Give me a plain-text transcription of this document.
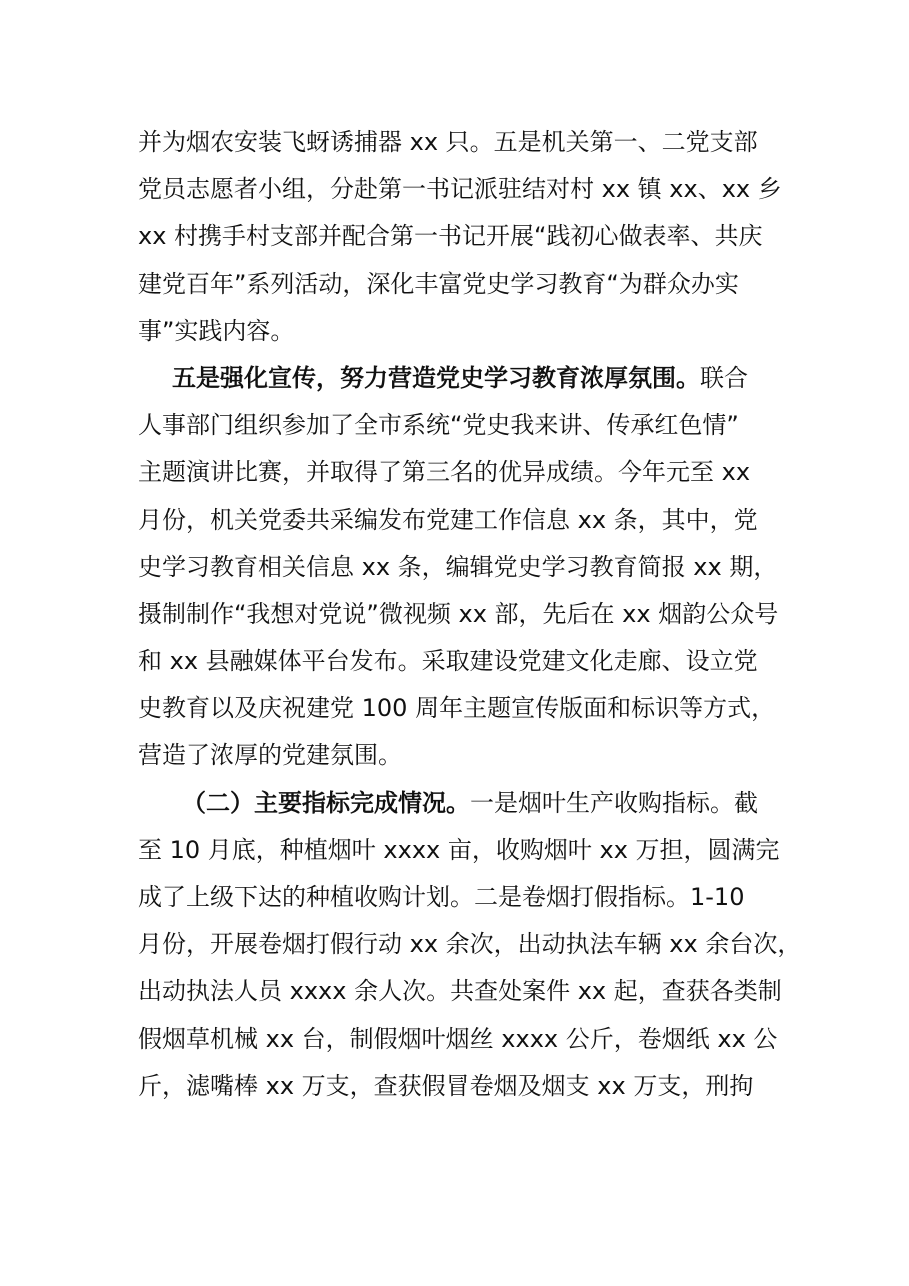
并为烟农安装飞蚜诱捕器 xx 只。五是机关第一、二党支部
党员志愿者小组，分赴第一书记派驻结对村 xx 镇 xx、xx 乡
xx 村携手村支部并配合第一书记开展“践初心做表率、共庆
建党百年”系列活动，深化丰富党史学习教育“为群众办实
事”实践内容。
五是强化宣传，努力营造党史学习教育浓厚氛围。联合
人事部门组织参加了全市系统“党史我来讲、传承红色情”
主题演讲比赛，并取得了第三名的优异成绩。今年元至 xx
月份，机关党委共采编发布党建工作信息 xx 条，其中，党
史学习教育相关信息 xx 条，编辑党史学习教育简报 xx 期，
摄制制作“我想对党说”微视频 xx 部，先后在 xx 烟韵公众号
和 xx 县融媒体平台发布。采取建设党建文化走廊、设立党
史教育以及庆祝建党 100 周年主题宣传版面和标识等方式，
营造了浓厚的党建氛围。
（二）主要指标完成情况。一是烟叶生产收购指标。截
至 10 月底，种植烟叶 xxxx 亩，收购烟叶 xx 万担，圆满完
成了上级下达的种植收购计划。二是卷烟打假指标。1-10
月份，开展卷烟打假行动 xx 余次，出动执法车辆 xx 余台次，
出动执法人员 xxxx 余人次。共查处案件 xx 起，查获各类制
假烟草机械 xx 台，制假烟叶烟丝 xxxx 公斤，卷烟纸 xx 公
斤，滤嘴棒 xx 万支，查获假冒卷烟及烟支 xx 万支，刑拘
